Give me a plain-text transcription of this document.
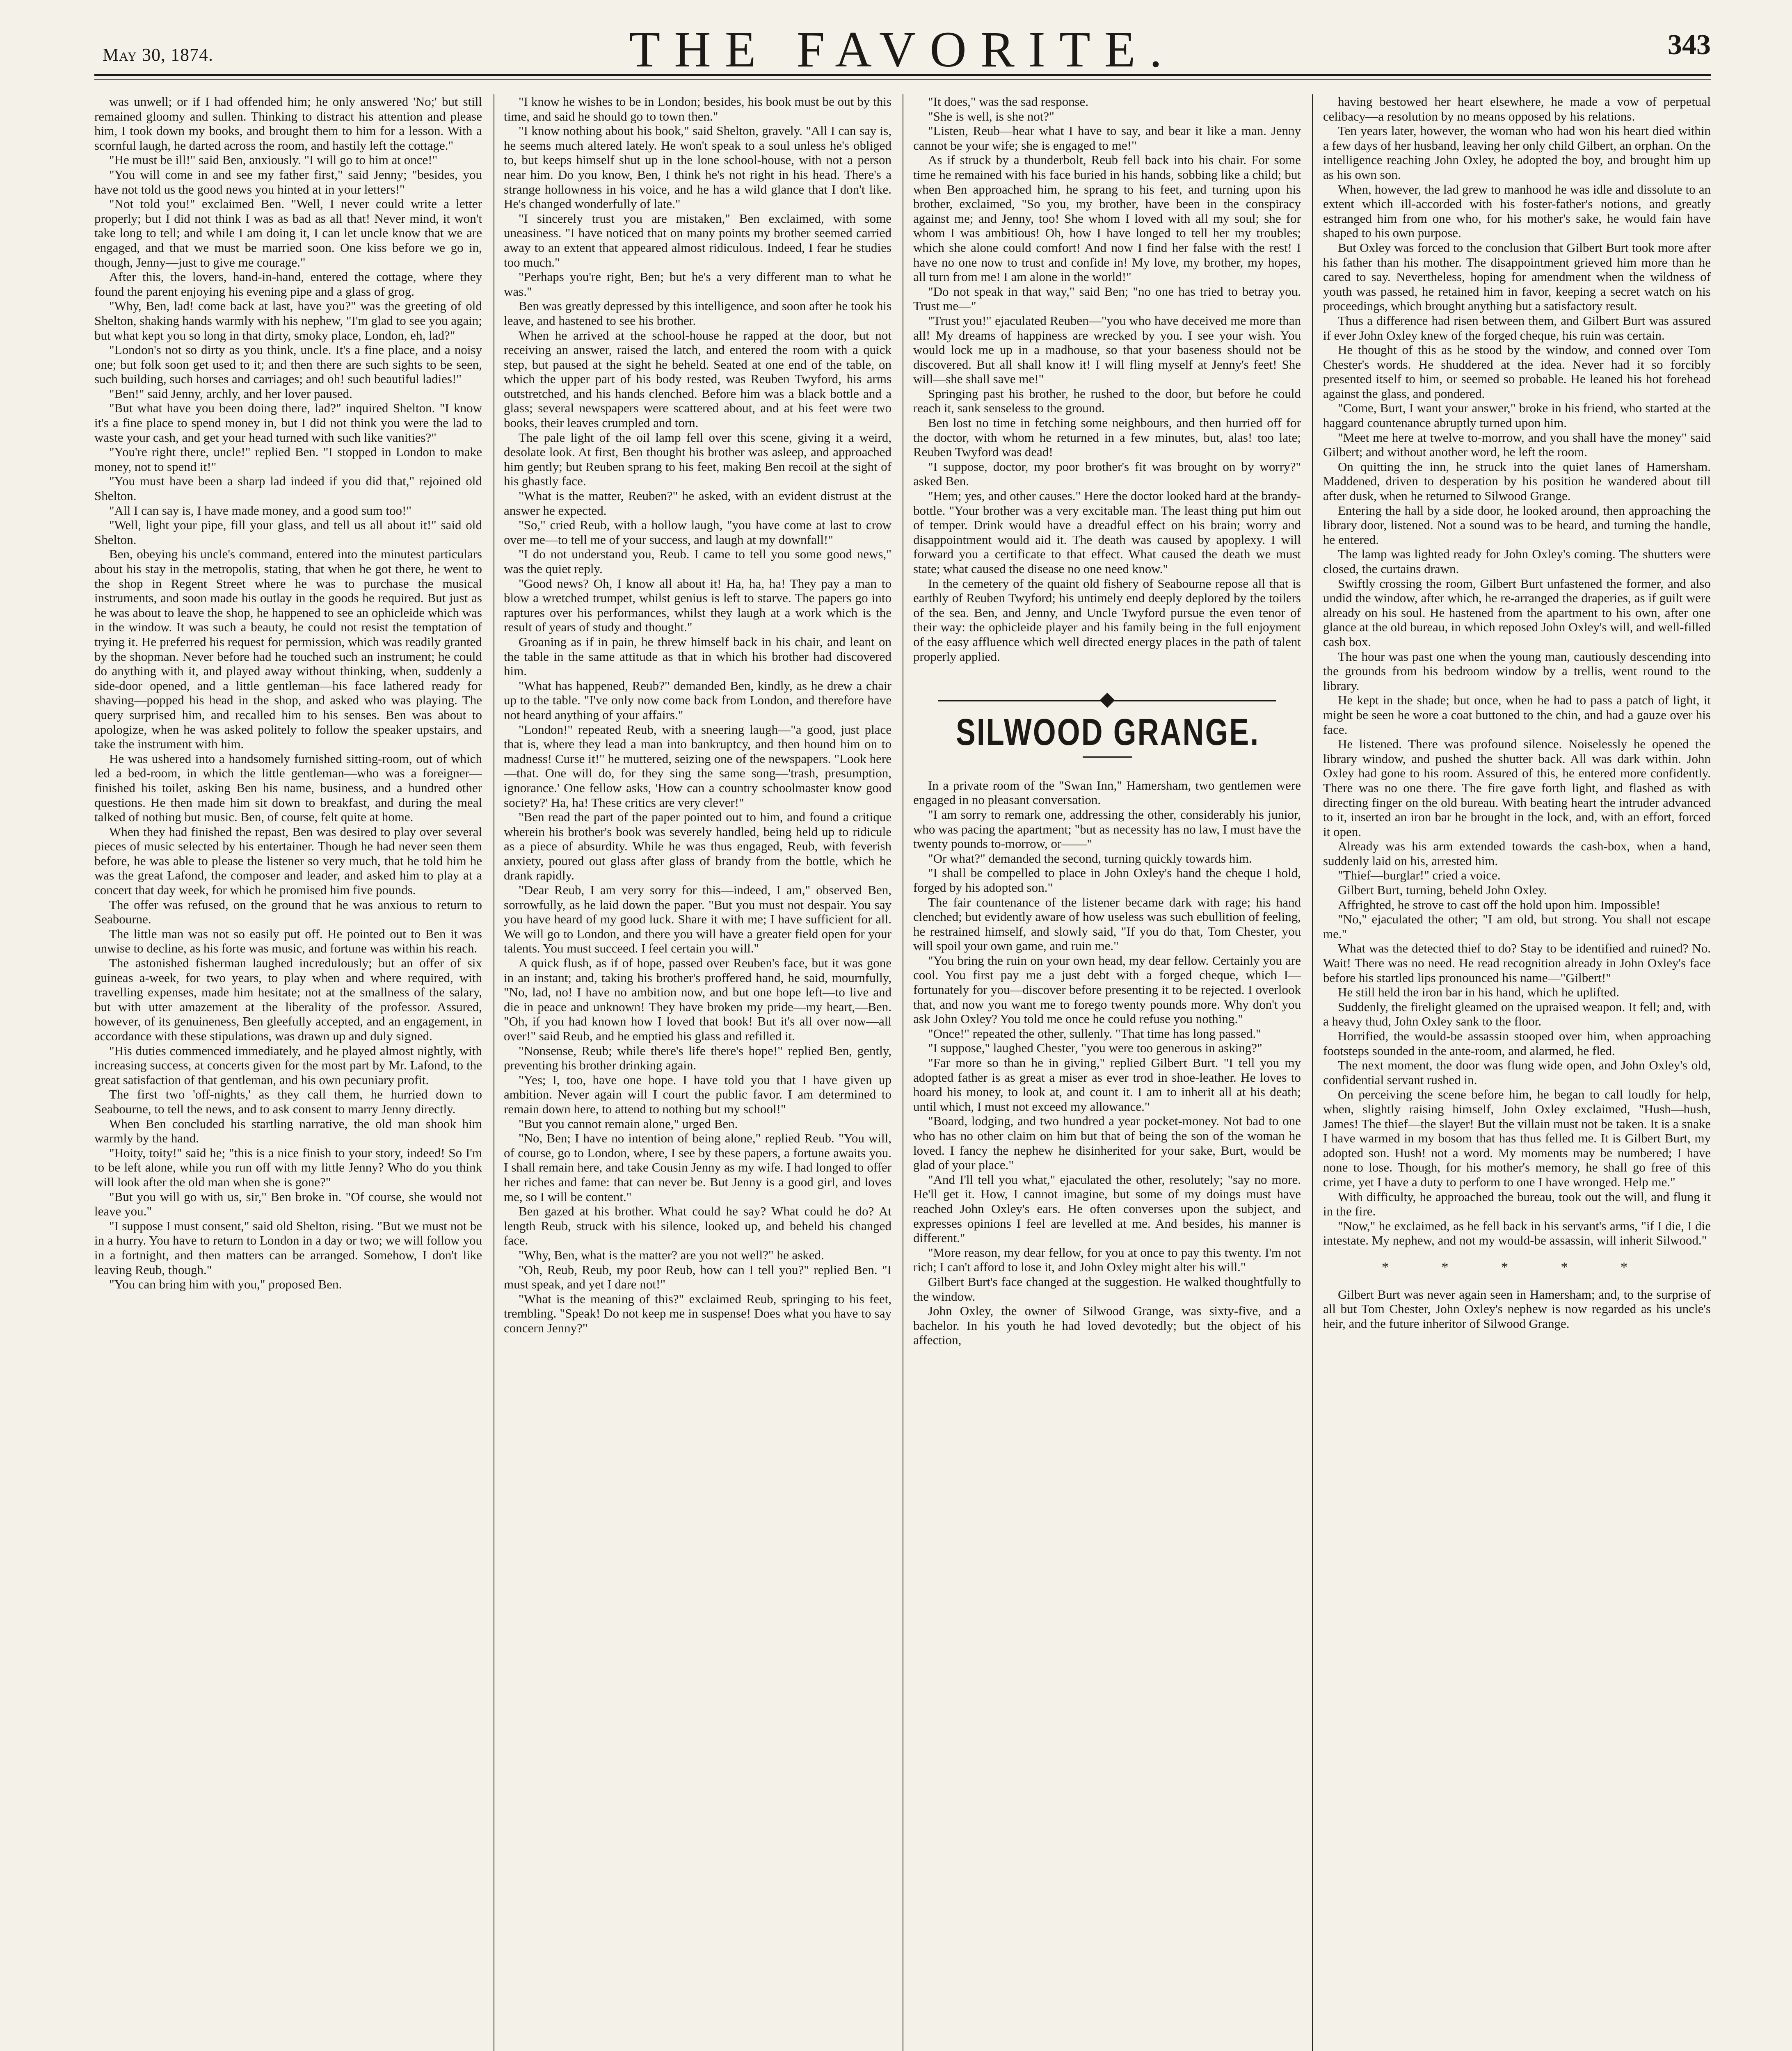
May 30, 1874.	THE FAVORITE.	343

was unwell; or if I had offended him; he only answered 'No;' but still remained gloomy and sullen. Thinking to distract his attention and please him, I took down my books, and brought them to him for a lesson. With a scornful laugh, he darted across the room, and hastily left the cottage."

"He must be ill!" said Ben, anxiously. "I will go to him at once!"

"You will come in and see my father first," said Jenny; "besides, you have not told us the good news you hinted at in your letters!"

"Not told you!" exclaimed Ben. "Well, I never could write a letter properly; but I did not think I was as bad as all that! Never mind, it won't take long to tell; and while I am doing it, I can let uncle know that we are engaged, and that we must be married soon. One kiss before we go in, though, Jenny—just to give me courage."

After this, the lovers, hand-in-hand, entered the cottage, where they found the parent enjoying his evening pipe and a glass of grog.

"Why, Ben, lad! come back at last, have you?" was the greeting of old Shelton, shaking hands warmly with his nephew, "I'm glad to see you again; but what kept you so long in that dirty, smoky place, London, eh, lad?"

"London's not so dirty as you think, uncle. It's a fine place, and a noisy one; but folk soon get used to it; and then there are such sights to be seen, such building, such horses and carriages; and oh! such beautiful ladies!"

"Ben!" said Jenny, archly, and her lover paused.

"But what have you been doing there, lad?" inquired Shelton. "I know it's a fine place to spend money in, but I did not think you were the lad to waste your cash, and get your head turned with such like vanities?"

"You're right there, uncle!" replied Ben. "I stopped in London to make money, not to spend it!"

"You must have been a sharp lad indeed if you did that," rejoined old Shelton.

"All I can say is, I have made money, and a good sum too!"

"Well, light your pipe, fill your glass, and tell us all about it!" said old Shelton.

Ben, obeying his uncle's command, entered into the minutest particulars about his stay in the metropolis, stating, that when he got there, he went to the shop in Regent Street where he was to purchase the musical instruments, and soon made his outlay in the goods he required. But just as he was about to leave the shop, he happened to see an ophicleide which was in the window. It was such a beauty, he could not resist the temptation of trying it. He preferred his request for permission, which was readily granted by the shopman. Never before had he touched such an instrument; he could do anything with it, and played away without thinking, when, suddenly a side-door opened, and a little gentleman—his face lathered ready for shaving—popped his head in the shop, and asked who was playing. The query surprised him, and recalled him to his senses. Ben was about to apologize, when he was asked politely to follow the speaker upstairs, and take the instrument with him.

He was ushered into a handsomely furnished sitting-room, out of which led a bed-room, in which the little gentleman—who was a foreigner—finished his toilet, asking Ben his name, business, and a hundred other questions. He then made him sit down to breakfast, and during the meal talked of nothing but music. Ben, of course, felt quite at home.

When they had finished the repast, Ben was desired to play over several pieces of music selected by his entertainer. Though he had never seen them before, he was able to please the listener so very much, that he told him he was the great Lafond, the composer and leader, and asked him to play at a concert that day week, for which he promised him five pounds.

The offer was refused, on the ground that he was anxious to return to Seabourne.

The little man was not so easily put off. He pointed out to Ben it was unwise to decline, as his forte was music, and fortune was within his reach.

The astonished fisherman laughed incredulously; but an offer of six guineas a-week, for two years, to play when and where required, with travelling expenses, made him hesitate; not at the smallness of the salary, but with utter amazement at the liberality of the professor. Assured, however, of its genuineness, Ben gleefully accepted, and an engagement, in accordance with these stipulations, was drawn up and duly signed.

"His duties commenced immediately, and he played almost nightly, with increasing success, at concerts given for the most part by Mr. Lafond, to the great satisfaction of that gentleman, and his own pecuniary profit.

The first two 'off-nights,' as they call them, he hurried down to Seabourne, to tell the news, and to ask consent to marry Jenny directly.

When Ben concluded his startling narrative, the old man shook him warmly by the hand.

"Hoity, toity!" said he; "this is a nice finish to your story, indeed! So I'm to be left alone, while you run off with my little Jenny? Who do you think will look after the old man when she is gone?"

"But you will go with us, sir," Ben broke in. "Of course, she would not leave you."

"I suppose I must consent," said old Shelton, rising. "But we must not be in a hurry. You have to return to London in a day or two; we will follow you in a fortnight, and then matters can be arranged. Somehow, I don't like leaving Reub, though."

"You can bring him with you," proposed Ben.

"I know he wishes to be in London; besides, his book must be out by this time, and said he should go to town then."

"I know nothing about his book," said Shelton, gravely. "All I can say is, he seems much altered lately. He won't speak to a soul unless he's obliged to, but keeps himself shut up in the lone school-house, with not a person near him. Do you know, Ben, I think he's not right in his head. There's a strange hollowness in his voice, and he has a wild glance that I don't like. He's changed wonderfully of late."

"I sincerely trust you are mistaken," Ben exclaimed, with some uneasiness. "I have noticed that on many points my brother seemed carried away to an extent that appeared almost ridiculous. Indeed, I fear he studies too much."

"Perhaps you're right, Ben; but he's a very different man to what he was."

Ben was greatly depressed by this intelligence, and soon after he took his leave, and hastened to see his brother.

When he arrived at the school-house he rapped at the door, but not receiving an answer, raised the latch, and entered the room with a quick step, but paused at the sight he beheld. Seated at one end of the table, on which the upper part of his body rested, was Reuben Twyford, his arms outstretched, and his hands clenched. Before him was a black bottle and a glass; several newspapers were scattered about, and at his feet were two books, their leaves crumpled and torn.

The pale light of the oil lamp fell over this scene, giving it a weird, desolate look. At first, Ben thought his brother was asleep, and approached him gently; but Reuben sprang to his feet, making Ben recoil at the sight of his ghastly face.

"What is the matter, Reuben?" he asked, with an evident distrust at the answer he expected.

"So," cried Reub, with a hollow laugh, "you have come at last to crow over me—to tell me of your success, and laugh at my downfall!"

"I do not understand you, Reub. I came to tell you some good news," was the quiet reply.

"Good news? Oh, I know all about it! Ha, ha, ha! They pay a man to blow a wretched trumpet, whilst genius is left to starve. The papers go into raptures over his performances, whilst they laugh at a work which is the result of years of study and thought."

Groaning as if in pain, he threw himself back in his chair, and leant on the table in the same attitude as that in which his brother had discovered him.

"What has happened, Reub?" demanded Ben, kindly, as he drew a chair up to the table. "I've only now come back from London, and therefore have not heard anything of your affairs."

"London!" repeated Reub, with a sneering laugh—"a good, just place that is, where they lead a man into bankruptcy, and then hound him on to madness! Curse it!" he muttered, seizing one of the newspapers. "Look here—that. One will do, for they sing the same song—'trash, presumption, ignorance.' One fellow asks, 'How can a country schoolmaster know good society?' Ha, ha! These critics are very clever!"

"Ben read the part of the paper pointed out to him, and found a critique wherein his brother's book was severely handled, being held up to ridicule as a piece of absurdity. While he was thus engaged, Reub, with feverish anxiety, poured out glass after glass of brandy from the bottle, which he drank rapidly.

"Dear Reub, I am very sorry for this—indeed, I am," observed Ben, sorrowfully, as he laid down the paper. "But you must not despair. You say you have heard of my good luck. Share it with me; I have sufficient for all. We will go to London, and there you will have a greater field open for your talents. You must succeed. I feel certain you will."

A quick flush, as if of hope, passed over Reuben's face, but it was gone in an instant; and, taking his brother's proffered hand, he said, mournfully, "No, lad, no! I have no ambition now, and but one hope left—to live and die in peace and unknown! They have broken my pride—my heart,—Ben. "Oh, if you had known how I loved that book! But it's all over now—all over!" said Reub, and he emptied his glass and refilled it.

"Nonsense, Reub; while there's life there's hope!" replied Ben, gently, preventing his brother drinking again.

"Yes; I, too, have one hope. I have told you that I have given up ambition. Never again will I court the public favor. I am determined to remain down here, to attend to nothing but my school!"

"But you cannot remain alone," urged Ben.

"No, Ben; I have no intention of being alone," replied Reub. "You will, of course, go to London, where, I see by these papers, a fortune awaits you. I shall remain here, and take Cousin Jenny as my wife. I had longed to offer her riches and fame: that can never be. But Jenny is a good girl, and loves me, so I will be content."

Ben gazed at his brother. What could he say? What could he do? At length Reub, struck with his silence, looked up, and beheld his changed face.

"Why, Ben, what is the matter? are you not well?" he asked.

"Oh, Reub, Reub, my poor Reub, how can I tell you?" replied Ben. "I must speak, and yet I dare not!"

"What is the meaning of this?" exclaimed Reub, springing to his feet, trembling. "Speak! Do not keep me in suspense! Does what you have to say concern Jenny?"

"It does," was the sad response.

"She is well, is she not?"

"Listen, Reub—hear what I have to say, and bear it like a man. Jenny cannot be your wife; she is engaged to me!"

As if struck by a thunderbolt, Reub fell back into his chair. For some time he remained with his face buried in his hands, sobbing like a child; but when Ben approached him, he sprang to his feet, and turning upon his brother, exclaimed, "So you, my brother, have been in the conspiracy against me; and Jenny, too! She whom I loved with all my soul; she for whom I was ambitious! Oh, how I have longed to tell her my troubles; which she alone could comfort! And now I find her false with the rest! I have no one now to trust and confide in! My love, my brother, my hopes, all turn from me! I am alone in the world!"

"Do not speak in that way," said Ben; "no one has tried to betray you. Trust me—"

"Trust you!" ejaculated Reuben—"you who have deceived me more than all! My dreams of happiness are wrecked by you. I see your wish. You would lock me up in a madhouse, so that your baseness should not be discovered. But all shall know it! I will fling myself at Jenny's feet! She will—she shall save me!"

Springing past his brother, he rushed to the door, but before he could reach it, sank senseless to the ground.

Ben lost no time in fetching some neighbours, and then hurried off for the doctor, with whom he returned in a few minutes, but, alas! too late; Reuben Twyford was dead!

"I suppose, doctor, my poor brother's fit was brought on by worry?" asked Ben.

"Hem; yes, and other causes." Here the doctor looked hard at the brandy-bottle. "Your brother was a very excitable man. The least thing put him out of temper. Drink would have a dreadful effect on his brain; worry and disappointment would aid it. The death was caused by apoplexy. I will forward you a certificate to that effect. What caused the death we must state; what caused the disease no one need know."

In the cemetery of the quaint old fishery of Seabourne repose all that is earthly of Reuben Twyford; his untimely end deeply deplored by the toilers of the sea. Ben, and Jenny, and Uncle Twyford pursue the even tenor of their way: the ophicleide player and his family being in the full enjoyment of the easy affluence which well directed energy places in the path of talent properly applied.

SILWOOD GRANGE.

In a private room of the "Swan Inn," Hamersham, two gentlemen were engaged in no pleasant conversation.

"I am sorry to remark one, addressing the other, considerably his junior, who was pacing the apartment; "but as necessity has no law, I must have the twenty pounds to-morrow, or——"

"Or what?" demanded the second, turning quickly towards him.

"I shall be compelled to place in John Oxley's hand the cheque I hold, forged by his adopted son."

The fair countenance of the listener became dark with rage; his hand clenched; but evidently aware of how useless was such ebullition of feeling, he restrained himself, and slowly said, "If you do that, Tom Chester, you will spoil your own game, and ruin me."

"You bring the ruin on your own head, my dear fellow. Certainly you are cool. You first pay me a just debt with a forged cheque, which I—fortunately for you—discover before presenting it to be rejected. I overlook that, and now you want me to forego twenty pounds more. Why don't you ask John Oxley? You told me once he could refuse you nothing."

"Once!" repeated the other, sullenly. "That time has long passed."

"I suppose," laughed Chester, "you were too generous in asking?"

"Far more so than he in giving," replied Gilbert Burt. "I tell you my adopted father is as great a miser as ever trod in shoe-leather. He loves to hoard his money, to look at, and count it. I am to inherit all at his death; until which, I must not exceed my allowance."

"Board, lodging, and two hundred a year pocket-money. Not bad to one who has no other claim on him but that of being the son of the woman he loved. I fancy the nephew he disinherited for your sake, Burt, would be glad of your place."

"And I'll tell you what," ejaculated the other, resolutely; "say no more. He'll get it. How, I cannot imagine, but some of my doings must have reached John Oxley's ears. He often converses upon the subject, and expresses opinions I feel are levelled at me. And besides, his manner is different."

"More reason, my dear fellow, for you at once to pay this twenty. I'm not rich; I can't afford to lose it, and John Oxley might alter his will."

Gilbert Burt's face changed at the suggestion. He walked thoughtfully to the window.

John Oxley, the owner of Silwood Grange, was sixty-five, and a bachelor. In his youth he had loved devotedly; but the object of his affection,

having bestowed her heart elsewhere, he made a vow of perpetual celibacy—a resolution by no means opposed by his relations.

Ten years later, however, the woman who had won his heart died within a few days of her husband, leaving her only child Gilbert, an orphan. On the intelligence reaching John Oxley, he adopted the boy, and brought him up as his own son.

When, however, the lad grew to manhood he was idle and dissolute to an extent which ill-accorded with his foster-father's notions, and greatly estranged him from one who, for his mother's sake, he would fain have shaped to his own purpose.

But Oxley was forced to the conclusion that Gilbert Burt took more after his father than his mother. The disappointment grieved him more than he cared to say. Nevertheless, hoping for amendment when the wildness of youth was passed, he retained him in favor, keeping a secret watch on his proceedings, which brought anything but a satisfactory result.

Thus a difference had risen between them, and Gilbert Burt was assured if ever John Oxley knew of the forged cheque, his ruin was certain.

He thought of this as he stood by the window, and conned over Tom Chester's words. He shuddered at the idea. Never had it so forcibly presented itself to him, or seemed so probable. He leaned his hot forehead against the glass, and pondered.

"Come, Burt, I want your answer," broke in his friend, who started at the haggard countenance abruptly turned upon him.

"Meet me here at twelve to-morrow, and you shall have the money" said Gilbert; and without another word, he left the room.

On quitting the inn, he struck into the quiet lanes of Hamersham. Maddened, driven to desperation by his position he wandered about till after dusk, when he returned to Silwood Grange.

Entering the hall by a side door, he looked around, then approaching the library door, listened. Not a sound was to be heard, and turning the handle, he entered.

The lamp was lighted ready for John Oxley's coming. The shutters were closed, the curtains drawn.

Swiftly crossing the room, Gilbert Burt unfastened the former, and also undid the window, after which, he re-arranged the draperies, as if guilt were already on his soul. He hastened from the apartment to his own, after one glance at the old bureau, in which reposed John Oxley's will, and well-filled cash box.

The hour was past one when the young man, cautiously descending into the grounds from his bedroom window by a trellis, went round to the library.

He kept in the shade; but once, when he had to pass a patch of light, it might be seen he wore a coat buttoned to the chin, and had a gauze over his face.

He listened. There was profound silence. Noiselessly he opened the library window, and pushed the shutter back. All was dark within. John Oxley had gone to his room. Assured of this, he entered more confidently. There was no one there. The fire gave forth light, and flashed as with directing finger on the old bureau. With beating heart the intruder advanced to it, inserted an iron bar he brought in the lock, and, with an effort, forced it open.

Already was his arm extended towards the cash-box, when a hand, suddenly laid on his, arrested him.

"Thief—burglar!" cried a voice.

Gilbert Burt, turning, beheld John Oxley.

Affrighted, he strove to cast off the hold upon him. Impossible!

"No," ejaculated the other; "I am old, but strong. You shall not escape me."

What was the detected thief to do? Stay to be identified and ruined? No. Wait! There was no need. He read recognition already in John Oxley's face before his startled lips pronounced his name—"Gilbert!"

He still held the iron bar in his hand, which he uplifted.

Suddenly, the firelight gleamed on the upraised weapon. It fell; and, with a heavy thud, John Oxley sank to the floor.

Horrified, the would-be assassin stooped over him, when approaching footsteps sounded in the ante-room, and alarmed, he fled.

The next moment, the door was flung wide open, and John Oxley's old, confidential servant rushed in.

On perceiving the scene before him, he began to call loudly for help, when, slightly raising himself, John Oxley exclaimed, "Hush—hush, James! The thief—the slayer! But the villain must not be taken. It is a snake I have warmed in my bosom that has thus felled me. It is Gilbert Burt, my adopted son. Hush! not a word. My moments may be numbered; I have none to lose. Though, for his mother's memory, he shall go free of this crime, yet I have a duty to perform to one I have wronged. Help me."

With difficulty, he approached the bureau, took out the will, and flung it in the fire.

"Now," he exclaimed, as he fell back in his servant's arms, "if I die, I die intestate. My nephew, and not my would-be assassin, will inherit Silwood."

* * * * *

Gilbert Burt was never again seen in Hamersham; and, to the surprise of all but Tom Chester, John Oxley's nephew is now regarded as his uncle's heir, and the future inheritor of Silwood Grange.
